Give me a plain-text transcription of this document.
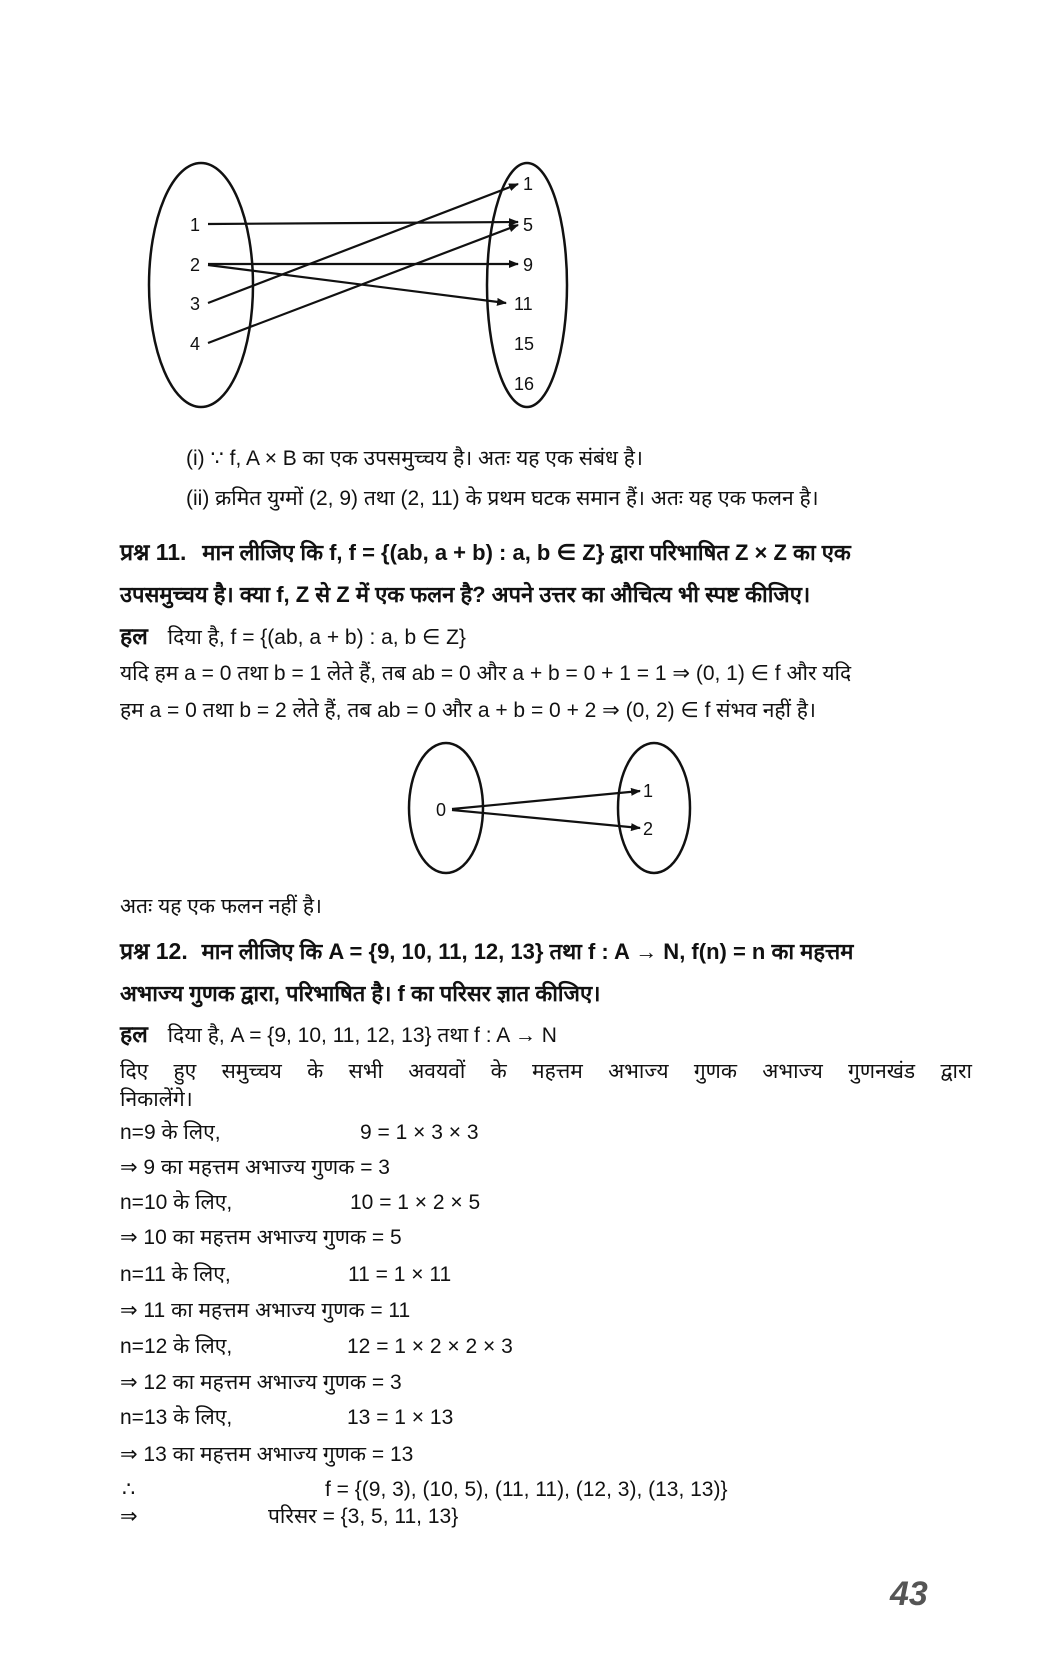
1
2
3
4
1
5
9
11
15
16
(i) ∵ f, A × B का एक उपसमुच्चय है। अतः यह एक संबंध है।
(ii) क्रमित युग्मों (2, 9) तथा (2, 11) के प्रथम घटक समान हैं। अतः यह एक फलन है।
प्रश्न 11. मान लीजिए कि f, f = {(ab, a + b) : a, b ∈ Z} द्वारा परिभाषित Z × Z का एक
उपसमुच्चय है। क्या f, Z से Z में एक फलन है? अपने उत्तर का औचित्य भी स्पष्ट कीजिए।
हल दिया है, f = {(ab, a + b) : a, b ∈ Z}
यदि हम a = 0 तथा b = 1 लेते हैं, तब ab = 0 और a + b = 0 + 1 = 1 ⇒ (0, 1) ∈ f और यदि
हम a = 0 तथा b = 2 लेते हैं, तब ab = 0 और a + b = 0 + 2 ⇒ (0, 2) ∈ f संभव नहीं है।
0
1
2
अतः यह एक फलन नहीं है।
प्रश्न 12. मान लीजिए कि A = {9, 10, 11, 12, 13} तथा f : A → N, f(n) = n का महत्तम
अभाज्य गुणक द्वारा, परिभाषित है। f का परिसर ज्ञात कीजिए।
हल दिया है, A = {9, 10, 11, 12, 13} तथा f : A → N
दिए हुए समुच्चय के सभी अवयवों के महत्तम अभाज्य गुणक अभाज्य गुणनखंड द्वारा
निकालेंगे।
n=9 के लिए,	9 = 1 × 3 × 3
⇒ 9 का महत्तम अभाज्य गुणक = 3
n=10 के लिए,	10 = 1 × 2 × 5
⇒ 10 का महत्तम अभाज्य गुणक = 5
n=11 के लिए,	11 = 1 × 11
⇒ 11 का महत्तम अभाज्य गुणक = 11
n=12 के लिए,	12 = 1 × 2 × 2 × 3
⇒ 12 का महत्तम अभाज्य गुणक = 3
n=13 के लिए,	13 = 1 × 13
⇒ 13 का महत्तम अभाज्य गुणक = 13
∴	f = {(9, 3), (10, 5), (11, 11), (12, 3), (13, 13)}
⇒	परिसर = {3, 5, 11, 13}
43
